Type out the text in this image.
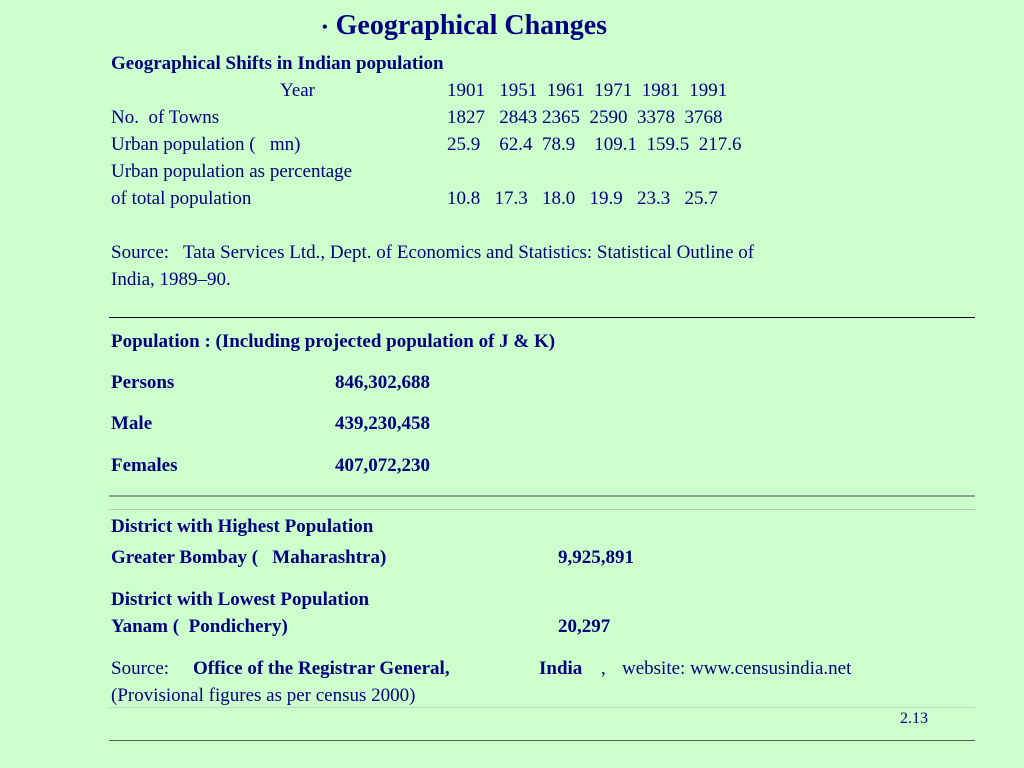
• Geographical Changes
Geographical Shifts in Indian population
Year	1901   1951  1961  1971  1981  1991
No.  of Towns	1827   2843 2365  2590  3378  3768
Urban population (   mn)	25.9    62.4  78.9    109.1  159.5  217.6
Urban population as percentage
of total population	10.8   17.3   18.0   19.9   23.3   25.7
Source:   Tata Services Ltd., Dept. of Economics and Statistics: Statistical Outline of
India, 1989–90.
Population : (Including projected population of J & K)
Persons	846,302,688
Male	439,230,458
Females	407,072,230
District with Highest Population
Greater Bombay (   Maharashtra)	9,925,891
District with Lowest Population
Yanam (  Pondichery)	20,297
Source: Office of the Registrar General,	India , website: www.censusindia.net
(Provisional figures as per census 2000)
2.13
